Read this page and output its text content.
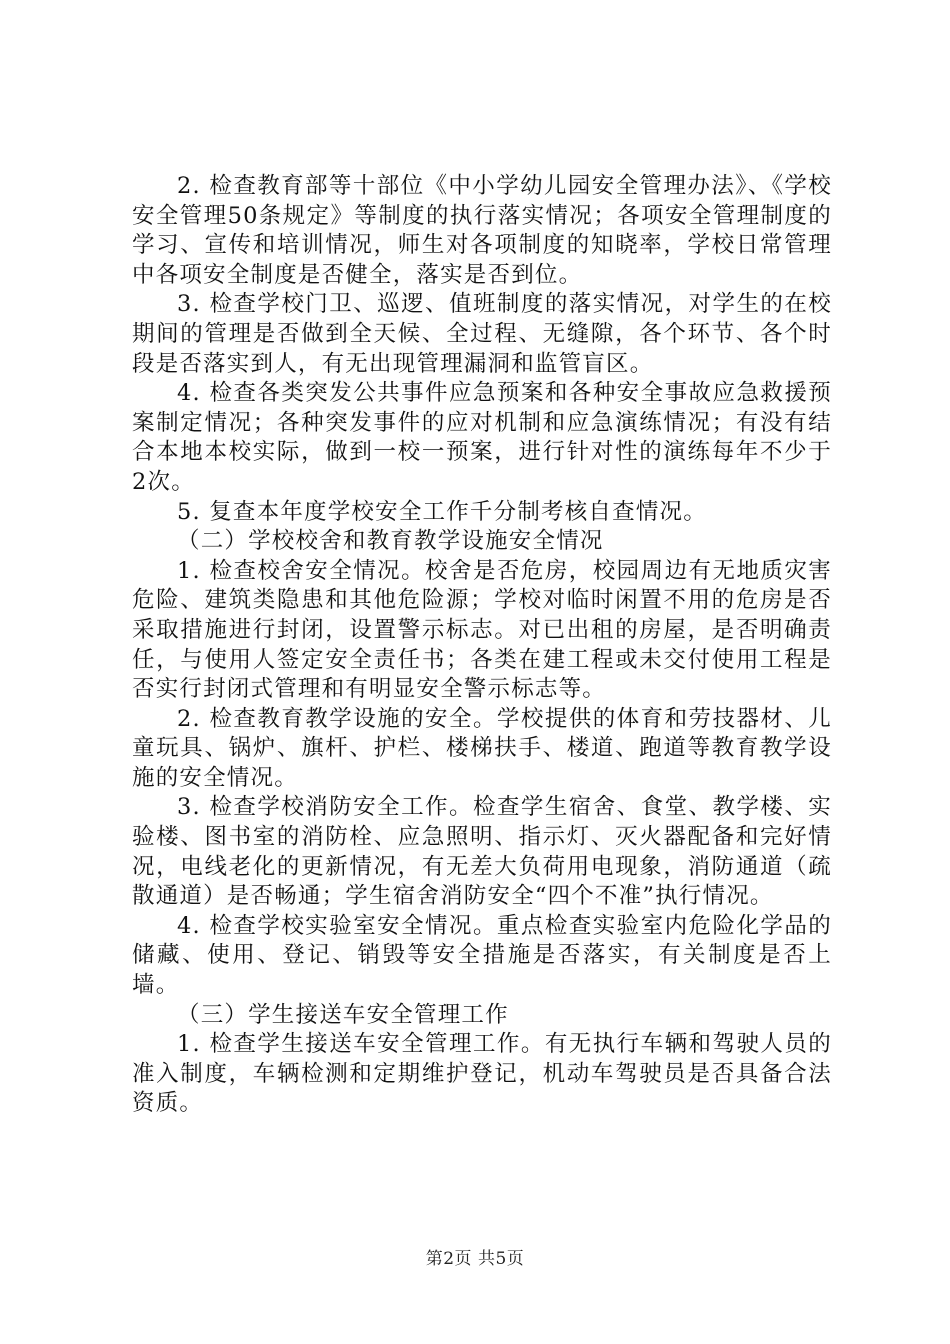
2. 检查教育部等十部位《中小学幼儿园安全管理办法》、《学校安全管理50条规定》等制度的执行落实情况；各项安全管理制度的学习、宣传和培训情况，师生对各项制度的知晓率，学校日常管理中各项安全制度是否健全，落实是否到位。

3. 检查学校门卫、巡逻、值班制度的落实情况，对学生的在校期间的管理是否做到全天候、全过程、无缝隙，各个环节、各个时段是否落实到人，有无出现管理漏洞和监管盲区。

4. 检查各类突发公共事件应急预案和各种安全事故应急救援预案制定情况；各种突发事件的应对机制和应急演练情况；有没有结合本地本校实际，做到一校一预案，进行针对性的演练每年不少于2次。

5. 复查本年度学校安全工作千分制考核自查情况。

（二）学校校舍和教育教学设施安全情况

1. 检查校舍安全情况。校舍是否危房，校园周边有无地质灾害危险、建筑类隐患和其他危险源；学校对临时闲置不用的危房是否采取措施进行封闭，设置警示标志。对已出租的房屋，是否明确责任，与使用人签定安全责任书；各类在建工程或未交付使用工程是否实行封闭式管理和有明显安全警示标志等。

2. 检查教育教学设施的安全。学校提供的体育和劳技器材、儿童玩具、锅炉、旗杆、护栏、楼梯扶手、楼道、跑道等教育教学设施的安全情况。

3. 检查学校消防安全工作。检查学生宿舍、食堂、教学楼、实验楼、图书室的消防栓、应急照明、指示灯、灭火器配备和完好情况，电线老化的更新情况，有无差大负荷用电现象，消防通道（疏散通道）是否畅通；学生宿舍消防安全“四个不准”执行情况。

4. 检查学校实验室安全情况。重点检查实验室内危险化学品的储藏、使用、登记、销毁等安全措施是否落实，有关制度是否上墙。

（三）学生接送车安全管理工作

1. 检查学生接送车安全管理工作。有无执行车辆和驾驶人员的准入制度，车辆检测和定期维护登记，机动车驾驶员是否具备合法资质。

第2页 共5页
